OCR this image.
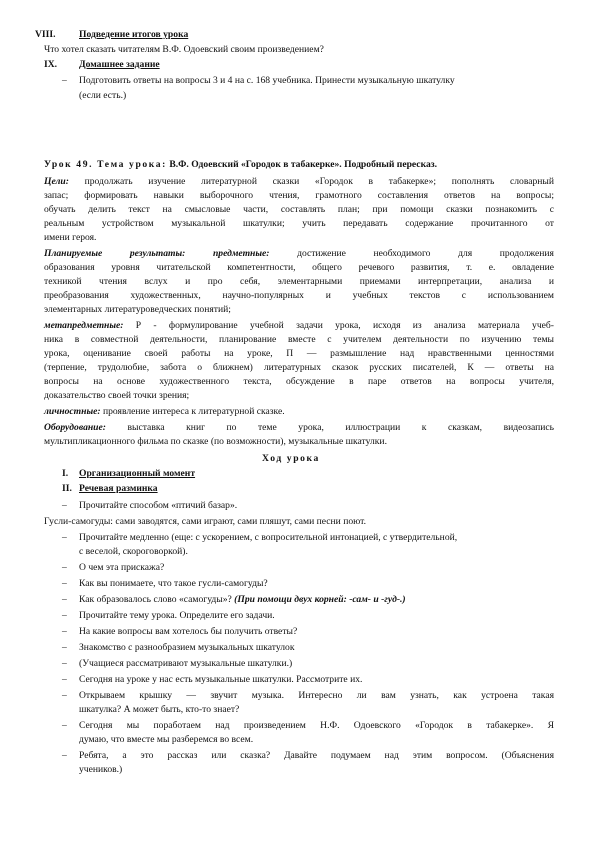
VIII. Подведение итогов урока
Что хотел сказать читателям В.Ф. Одоевский своим произведением?
IX. Домашнее задание
– Подготовить ответы на вопросы 3 и 4 на с. 168 учебника. Принести музыкальную шкатулку
(если есть.)
Урок 49. Тема урока: В.Ф. Одоевский «Городок в табакерке». Подробный пересказ.
Цели: продолжать изучение литературной сказки «Городок в табакерке»; пополнять словарный
запас; формировать навыки выборочного чтения, грамотного составления ответов на вопросы;
обучать делить текст на смысловые части, составлять план; при помощи сказки познакомить с
реальным устройством музыкальной шкатулки; учить передавать содержание прочитанного от
имени героя.
Планируемые результаты:	предметные:	достижение необходимого для продолжения
образования уровня читательской компетентности, общего речевого развития, т. е. овладение
техникой чтения вслух и про себя, элементарными приемами интерпретации, анализа и
преобразования художественных, научно-популярных и учебных текстов с использованием
элементарных литературоведческих понятий;
метапредметные: Р - формулирование учебной задачи урока, исходя из анализа материала учеб-
ника в совместной деятельности, планирование вместе с учителем деятельности по изучению темы
урока, оценивание своей работы на уроке, П — размышление над нравственными ценностями
(терпение, трудолюбие, забота о ближнем) литературных сказок русских писателей, К — ответы на
вопросы на основе художественного текста, обсуждение в паре ответов на вопросы учителя,
доказательство своей точки зрения;
личностные: проявление интереса к литературной сказке.
Оборудование: выставка книг по теме урока, иллюстрации к сказкам, видеозапись
мультипликационного фильма по сказке (по возможности), музыкальные шкатулки.
Ход урока
I. Организационный момент
II. Речевая разминка
– Прочитайте способом «птичий базар».
Гусли-самогуды: сами заводятся, сами играют, сами пляшут, сами песни поют.
– Прочитайте медленно (еще: с ускорением, с вопросительной интонацией, с утвердительной,
с веселой, скороговоркой).
– О чем эта прискажа?
– Как вы понимаете, что такое гусли-самогуды?
– Как образовалось слово «самогуды»? (При помощи двух корней: -сам- и -гуд-.)
– Прочитайте тему урока. Определите его задачи.
– На какие вопросы вам хотелось бы получить ответы?
– Знакомство с разнообразием музыкальных шкатулок
– (Учащиеся рассматривают музыкальные шкатулки.)
– Сегодня на уроке у нас есть музыкальные шкатулки. Рассмотрите их.
– Открываем крышку — звучит музыка. Интересно ли вам узнать, как устроена такая
шкатулка? А может быть, кто-то знает?
– Сегодня мы поработаем над произведением Н.Ф. Одоевского «Городок в табакерке». Я
думаю, что вместе мы разберемся во всем.
– Ребята, а это рассказ или сказка? Давайте подумаем над этим вопросом. (Объяснения
учеников.)
